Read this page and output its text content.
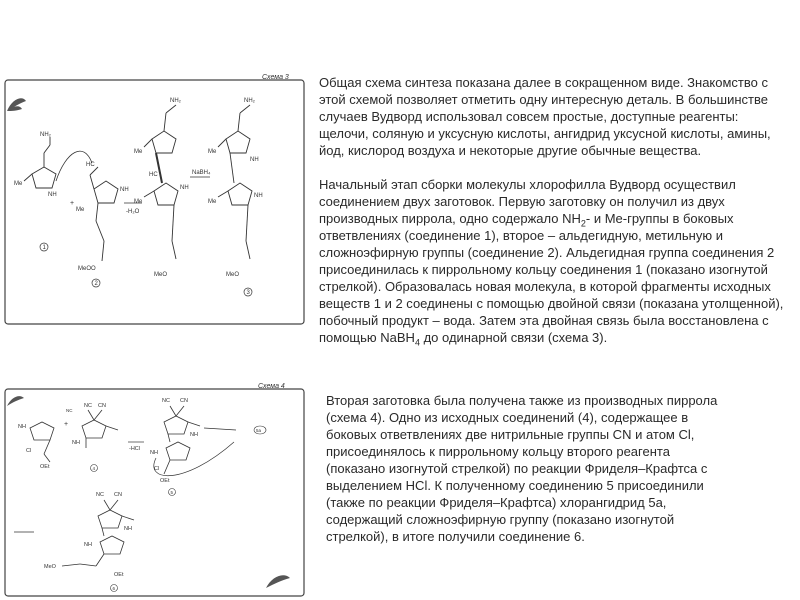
Схема 3
NH₂
NH
Me
1
+
HC
NH
Me
MeOO
2
-H₂O
NH₂
Me
HC
NH
Me
MeO
NaBH₄
NH₂
Me
NH
Me
NH
MeO
3
Схема 4
NC
NC CN
NH
NH
Cl
OEt
+
4
-HCl
NC CN
NH
NH
Cl
OEt
5
5a
NC CN
NH
NH
MeO
OEt
6

Общая схема синтеза показана далее в сокращенном виде. Знакомство с этой схемой позволяет отметить одну интересную деталь. В большинстве случаев Вудворд использовал совсем простые, доступные реагенты: щелочи, соляную и уксусную кислоты, ангидрид уксусной кислоты, амины, йод, кислород воздуха и некоторые другие обычные вещества.

Начальный этап сборки молекулы хлорофилла Вудворд осуществил соединением двух заготовок. Первую заготовку он получил из двух производных пиррола, одно содержало $NH_2-$ и Me-группы в боковых ответвлениях (соединение 1), второе – альдегидную, метильную и сложноэфирную группы (соединение 2). Альдегидная группа соединения 2 присоединилась к пиррольному кольцу соединения 1 (показано изогнутой стрелкой). Образовалась новая молекула, в которой фрагменты исходных веществ 1 и 2 соединены с помощью двойной связи (показана утолщенной), побочный продукт – вода. Затем эта двойная связь была восстановлена с помощью NaBH$_4$ до одинарной связи (схема 3).

Вторая заготовка была получена также из производных пиррола (схема 4). Одно из исходных соединений (4), содержащее в боковых ответвлениях две нитрильные группы CN и атом Cl, присоединялось к пиррольному кольцу второго реагента (показано изогнутой стрелкой) по реакции Фриделя–Крафтса с выделением HCl. К полученному соединению 5 присоединили (также по реакции Фриделя–Крафтса) хлорангидрид 5a, содержащий сложноэфирную группу (показано изогнутой стрелкой), в итоге получили соединение 6.
